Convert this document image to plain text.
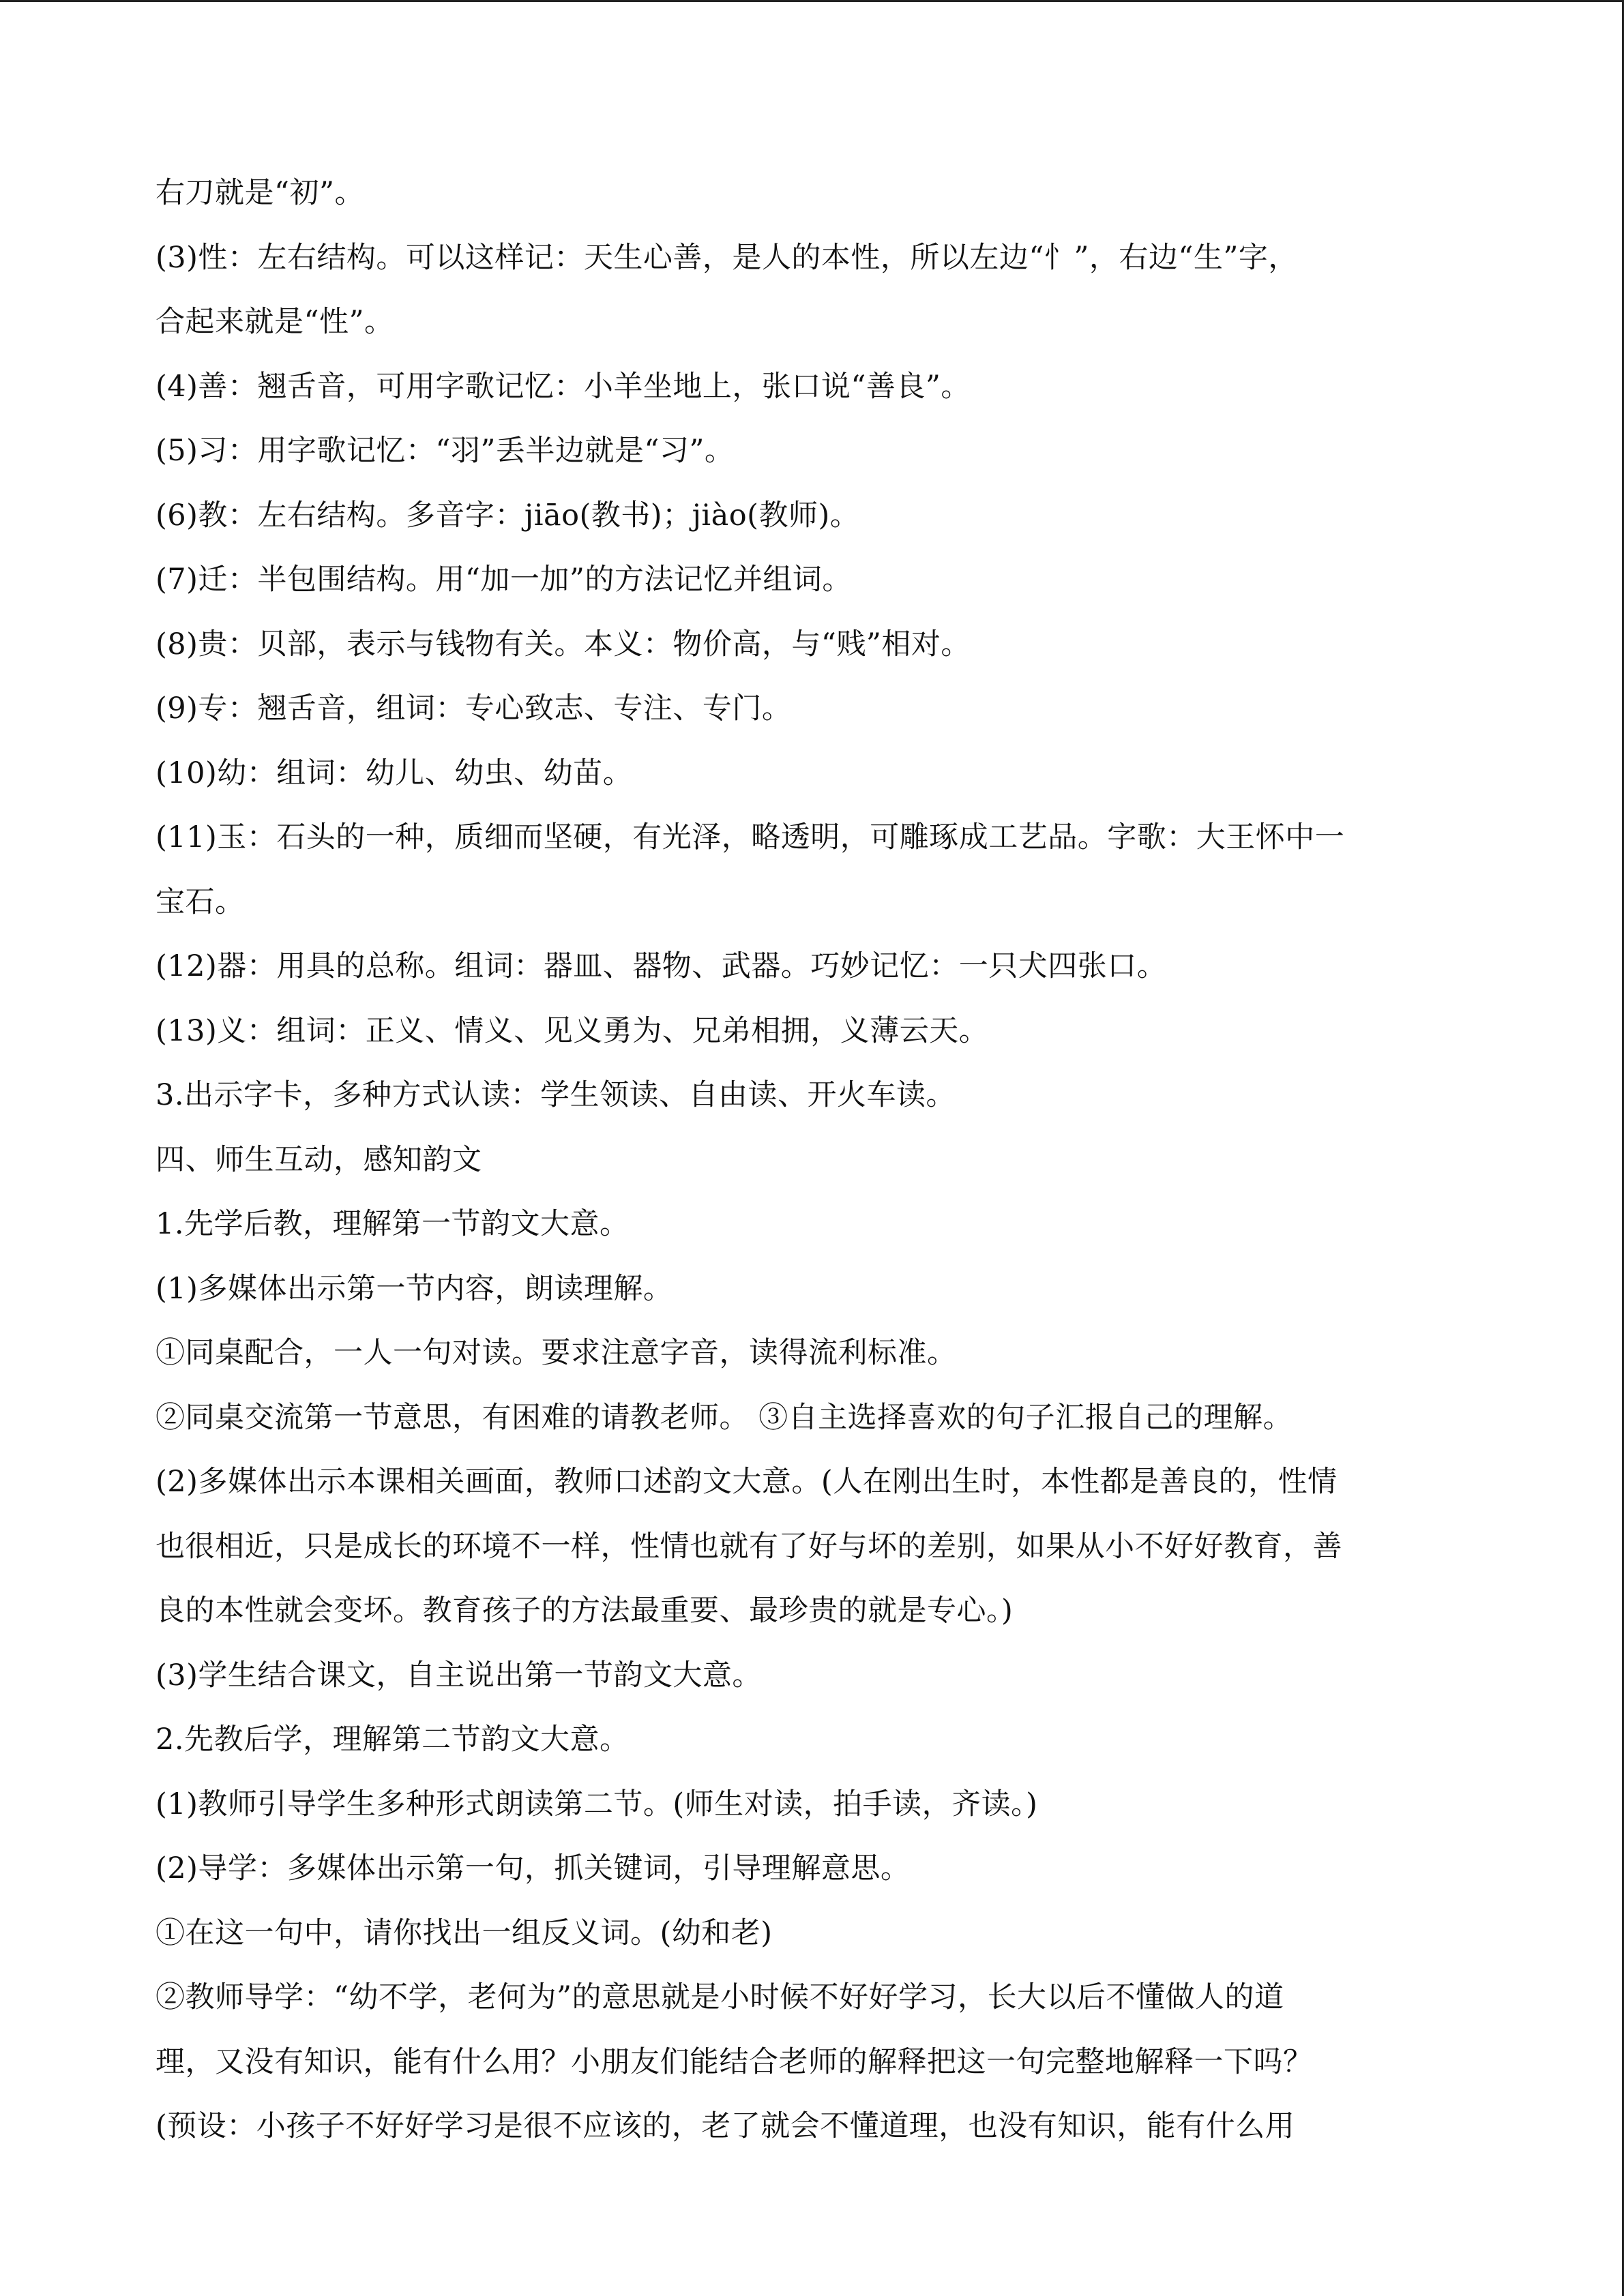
右刀就是“初”。
(3)性：左右结构。可以这样记：天生心善，是人的本性，所以左边“忄”，右边“生”字，
合起来就是“性”。
(4)善：翘舌音，可用字歌记忆：小羊坐地上，张口说“善良”。
(5)习：用字歌记忆：“羽”丢半边就是“习”。
(6)教：左右结构。多音字：jiāo(教书)；jiào(教师)。
(7)迁：半包围结构。用“加一加”的方法记忆并组词。
(8)贵：贝部，表示与钱物有关。本义：物价高，与“贱”相对。
(9)专：翘舌音，组词：专心致志、专注、专门。
(10)幼：组词：幼儿、幼虫、幼苗。
(11)玉：石头的一种，质细而坚硬，有光泽，略透明，可雕琢成工艺品。字歌：大王怀中一
宝石。
(12)器：用具的总称。组词：器皿、器物、武器。巧妙记忆：一只犬四张口。
(13)义：组词：正义、情义、见义勇为、兄弟相拥，义薄云天。
3.出示字卡，多种方式认读：学生领读、自由读、开火车读。
四、师生互动，感知韵文
1.先学后教，理解第一节韵文大意。
(1)多媒体出示第一节内容，朗读理解。
①同桌配合，一人一句对读。要求注意字音，读得流利标准。
②同桌交流第一节意思，有困难的请教老师。 ③自主选择喜欢的句子汇报自己的理解。
(2)多媒体出示本课相关画面，教师口述韵文大意。(人在刚出生时，本性都是善良的，性情
也很相近，只是成长的环境不一样，性情也就有了好与坏的差别，如果从小不好好教育，善
良的本性就会变坏。教育孩子的方法最重要、最珍贵的就是专心。)
(3)学生结合课文，自主说出第一节韵文大意。
2.先教后学，理解第二节韵文大意。
(1)教师引导学生多种形式朗读第二节。(师生对读，拍手读，齐读。)
(2)导学：多媒体出示第一句，抓关键词，引导理解意思。
①在这一句中，请你找出一组反义词。(幼和老)
②教师导学：“幼不学，老何为”的意思就是小时候不好好学习，长大以后不懂做人的道
理，又没有知识，能有什么用？小朋友们能结合老师的解释把这一句完整地解释一下吗？
(预设：小孩子不好好学习是很不应该的，老了就会不懂道理，也没有知识，能有什么用
